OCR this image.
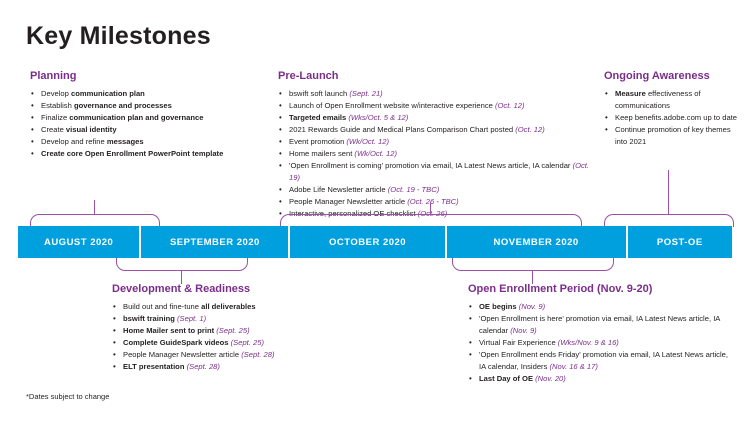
Key Milestones
Planning
• Develop communication plan
• Establish governance and processes
• Finalize communication plan and governance
• Create visual identity
• Develop and refine messages
• Create core Open Enrollment PowerPoint template
Pre-Launch
• bswift soft launch (Sept. 21)
• Launch of Open Enrollment website w/interactive experience (Oct. 12)
• Targeted emails (Wks/Oct. 5 & 12)
• 2021 Rewards Guide and Medical Plans Comparison Chart posted (Oct. 12)
• Event promotion (Wk/Oct. 12)
• Home mailers sent (Wk/Oct. 12)
• 'Open Enrollment is coming' promotion via email, IA Latest News article, IA calendar (Oct. 19)
• Adobe Life Newsletter article (Oct. 19 - TBC)
• People Manager Newsletter article (Oct. 26 - TBC)
• Interactive, personalized OE checklist (Oct. 26)
Ongoing Awareness
• Measure effectiveness of communications
• Keep benefits.adobe.com up to date
• Continue promotion of key themes into 2021
AUGUST 2020	SEPTEMBER 2020	OCTOBER 2020	NOVEMBER 2020	POST-OE
Development & Readiness
• Build out and fine-tune all deliverables
• bswift training (Sept. 1)
• Home Mailer sent to print (Sept. 25)
• Complete GuideSpark videos (Sept. 25)
• People Manager Newsletter article (Sept. 28)
• ELT presentation (Sept. 28)
Open Enrollment Period (Nov. 9-20)
• OE begins (Nov. 9)
• 'Open Enrollment is here' promotion via email, IA Latest News article, IA calendar (Nov. 9)
• Virtual Fair Experience (Wks/Nov. 9 & 16)
• 'Open Enrollment ends Friday' promotion via email, IA Latest News article, IA calendar, Insiders (Nov. 16 & 17)
• Last Day of OE (Nov. 20)
*Dates subject to change
